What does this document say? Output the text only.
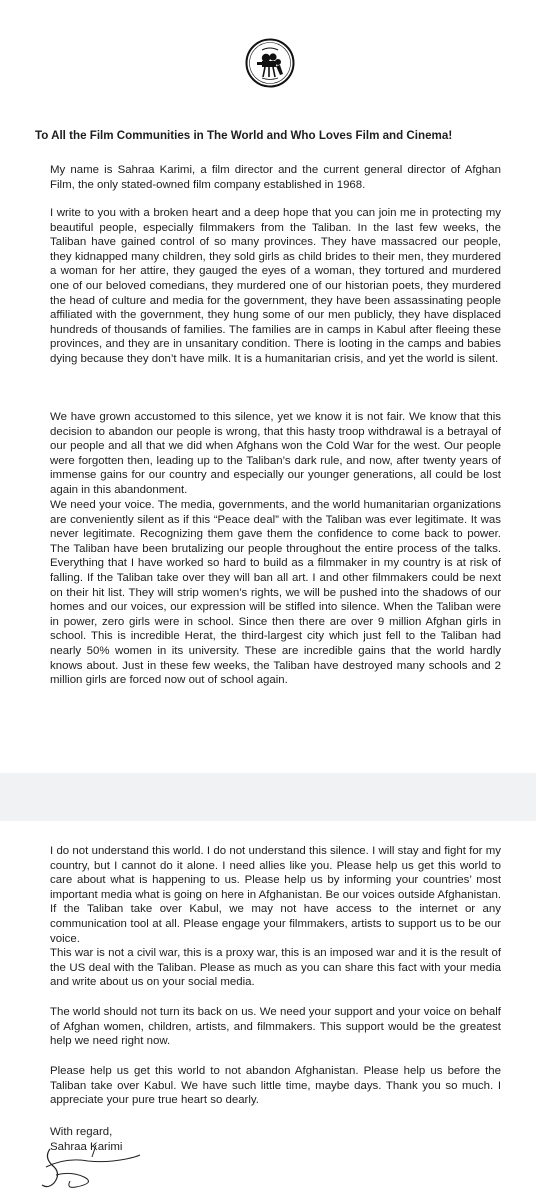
To All the Film Communities in The World and Who Loves Film and Cinema!

My name is Sahraa Karimi, a film director and the current general director of Afghan Film, the only stated-owned film company established in 1968.

I write to you with a broken heart and a deep hope that you can join me in protecting my beautiful people, especially filmmakers from the Taliban. In the last few weeks, the Taliban have gained control of so many provinces. They have massacred our people, they kidnapped many children, they sold girls as child brides to their men, they murdered a woman for her attire, they gauged the eyes of a woman, they tortured and murdered one of our beloved comedians, they murdered one of our historian poets, they murdered the head of culture and media for the government, they have been assassinating people affiliated with the government, they hung some of our men publicly, they have displaced hundreds of thousands of families. The families are in camps in Kabul after fleeing these provinces, and they are in unsanitary condition. There is looting in the camps and babies dying because they don’t have milk. It is a humanitarian crisis, and yet the world is silent.

We have grown accustomed to this silence, yet we know it is not fair. We know that this decision to abandon our people is wrong, that this hasty troop withdrawal is a betrayal of our people and all that we did when Afghans won the Cold War for the west. Our people were forgotten then, leading up to the Taliban’s dark rule, and now, after twenty years of immense gains for our country and especially our younger generations, all could be lost again in this abandonment.

We need your voice. The media, governments, and the world humanitarian organizations are conveniently silent as if this “Peace deal” with the Taliban was ever legitimate. It was never legitimate. Recognizing them gave them the confidence to come back to power. The Taliban have been brutalizing our people throughout the entire process of the talks. Everything that I have worked so hard to build as a filmmaker in my country is at risk of falling. If the Taliban take over they will ban all art. I and other filmmakers could be next on their hit list. They will strip women’s rights, we will be pushed into the shadows of our homes and our voices, our expression will be stifled into silence. When the Taliban were in power, zero girls were in school. Since then there are over 9 million Afghan girls in school. This is incredible Herat, the third-largest city which just fell to the Taliban had nearly 50% women in its university. These are incredible gains that the world hardly knows about. Just in these few weeks, the Taliban have destroyed many schools and 2 million girls are forced now out of school again.

I do not understand this world. I do not understand this silence. I will stay and fight for my country, but I cannot do it alone. I need allies like you. Please help us get this world to care about what is happening to us. Please help us by informing your countries’ most important media what is going on here in Afghanistan. Be our voices outside Afghanistan. If the Taliban take over Kabul, we may not have access to the internet or any communication tool at all. Please engage your filmmakers, artists to support us to be our voice.

This war is not a civil war, this is a proxy war, this is an imposed war and it is the result of the US deal with the Taliban. Please as much as you can share this fact with your media and write about us on your social media.

The world should not turn its back on us. We need your support and your voice on behalf of Afghan women, children, artists, and filmmakers. This support would be the greatest help we need right now.

Please help us get this world to not abandon Afghanistan. Please help us before the Taliban take over Kabul. We have such little time, maybe days. Thank you so much. I appreciate your pure true heart so dearly.

With regard,
Sahraa Karimi
